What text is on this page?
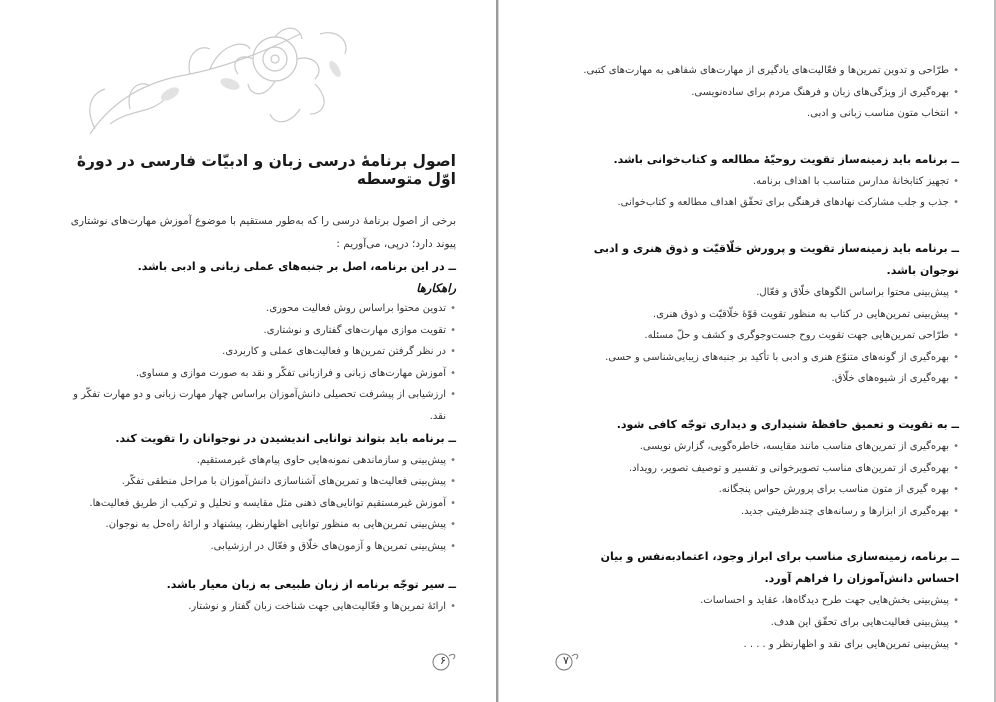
اصول برنامهٔ درسی زبان و ادبیّات فارسی در دورهٔ اوّل متوسطه
برخی از اصول برنامهٔ درسی را که به‌طور مستقیم با موضوع آموزش مهارت‌های نوشتاری پیوند دارد؛ درپی، می‌آوریم :
ــ در این برنامه، اصل بر جنبه‌های عملی زبانی و ادبی باشد.
راهکارها
• تدوین محتوا براساس روش فعالیت محوری.
• تقویت موازی مهارت‌های گفتاری و نوشتاری.
• در نظر گرفتن تمرین‌ها و فعالیت‌های عملی و کاربردی.
• آموزش مهارت‌های زبانی و فرازبانی تفکّر و نقد به صورت موازی و مساوی.
• ارزشیابی از پیشرفت تحصیلی دانش‌آموزان براساس چهار مهارت زبانی و دو مهارت تفکّر و نقد.
ــ برنامه باید بتواند توانایی اندیشیدن در نوجوانان را تقویت کند.
• پیش‌بینی و سازماندهی نمونه‌هایی حاوی پیام‌های غیرمستقیم.
• پیش‌بینی فعالیت‌ها و تمرین‌های آشناسازی دانش‌آموزان با مراحل منطقی تفکّر.
• آموزش غیرمستقیم توانایی‌های ذهنی مثل مقایسه و تحلیل و ترکیب از طریق فعالیت‌ها.
• پیش‌بینی تمرین‌هایی به منظور توانایی اظهارنظر، پیشنهاد و ارائهٔ راه‌حل به نوجوان.
• پیش‌بینی تمرین‌ها و آزمون‌های خلّاق و فعّال در ارزشیابی.
ــ سیر توجّه برنامه از زبان طبیعی به زبان معیار باشد.
• ارائهٔ تمرین‌ها و فعّالیت‌هایی جهت شناخت زبان گفتار و نوشتار.
۶
• طرّاحی و تدوین تمرین‌ها و فعّالیت‌های یادگیری از مهارت‌های شفاهی به مهارت‌های کتبی.
• بهره‌گیری از ویژگی‌های زبان و فرهنگ مردم برای ساده‌نویسی.
• انتخاب متون مناسب زبانی و ادبی.
ــ برنامه باید زمینه‌ساز تقویت روحیّهٔ مطالعه و کتاب‌خوانی باشد.
• تجهیز کتابخانهٔ مدارس متناسب با اهداف برنامه.
• جذب و جلب مشارکت نهادهای فرهنگی برای تحقّق اهداف مطالعه و کتاب‌خوانی.
ــ برنامه باید زمینه‌ساز تقویت و پرورش خلّاقیّت و ذوق هنری و ادبی نوجوان باشد.
• پیش‌بینی محتوا براساس الگوهای خلّاق و فعّال.
• پیش‌بینی تمرین‌هایی در کتاب به منظور تقویت قوّهٔ خلّاقیّت و ذوق هنری.
• طرّاحی تمرین‌هایی جهت تقویت روح جست‌وجوگری و کشف و حلّ مسئله.
• بهره‌گیری از گونه‌های متنوّع هنری و ادبی با تأکید بر جنبه‌های زیبایی‌شناسی و حسی.
• بهره‌گیری از شیوه‌های خلّاق.
ــ به تقویت و تعمیق حافظهٔ شنیداری و دیداری توجّه کافی شود.
• بهره‌گیری از تمرین‌های مناسب مانند مقایسه، خاطره‌گویی، گزارش نویسی.
• بهره‌گیری از تمرین‌های مناسب تصویرخوانی و تفسیر و توصیف تصویر، رویداد.
• بهره گیری از متون مناسب برای پرورش حواس پنجگانه.
• بهره‌گیری از ابزارها و رسانه‌های چندظرفیتی جدید.
ــ برنامه، زمینه‌سازی مناسب برای ابراز وجود، اعتمادبه‌نفس و بیان احساس دانش‌آموزان را فراهم آورد.
• پیش‌بینی بخش‌هایی جهت طرح دیدگاه‌ها، عقاید و احساسات.
• پیش‌بینی فعالیت‌هایی برای تحقّق این هدف.
• پیش‌بینی تمرین‌هایی برای نقد و اظهارنظر و . . . .
۷
